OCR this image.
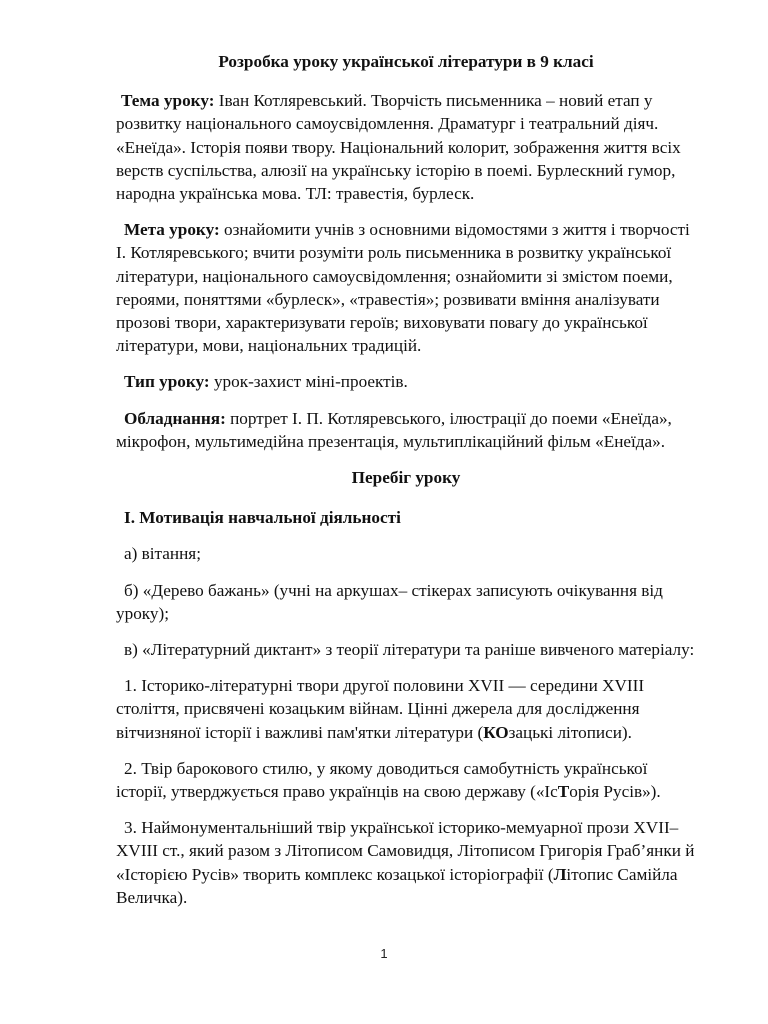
Розробка уроку української літератури в 9 класі

Тема уроку: Іван Котляревський. Творчість письменника – новий етап у розвитку національного самоусвідомлення. Драматург і театральний діяч. «Енеїда». Історія появи твору. Національний колорит, зображення життя всіх верств суспільства, алюзії на українську історію в поемі. Бурлескний гумор, народна українська мова. ТЛ: травестія, бурлеск.

Мета уроку: ознайомити учнів з основними відомостями з життя і творчості І. Котляревського; вчити розуміти роль письменника в розвитку української літератури, національного самоусвідомлення; ознайомити зі змістом поеми, героями, поняттями «бурлеск», «травестія»; розвивати вміння аналізувати прозові твори, характеризувати героїв; виховувати повагу до української літератури, мови, національних традицій.

Тип уроку: урок-захист міні-проектів.

Обладнання: портрет І. П. Котляревського, ілюстрації до поеми «Енеїда», мікрофон, мультимедійна презентація, мультиплікаційний фільм «Енеїда».

Перебіг уроку

I. Мотивація навчальної діяльності

а) вітання;

б) «Дерево бажань» (учні на аркушах– стікерах записують очікування від уроку);

в) «Літературний диктант» з теорії літератури та раніше вивченого матеріалу:

1. Історико-літературні твори другої половини XVII — середини XVIII століття, присвячені козацьким війнам. Цінні джерела для дослідження вітчизняної історії і важливі пам'ятки літератури (КОзацькі літописи).

2. Твір барокового стилю, у якому доводиться самобутність української історії, утверджується право українців на свою державу («ІсТорія Русів»).

3. Наймонументальніший твір української історико-мемуарної прози XVII–XVIII ст., який разом з Літописом Самовидця, Літописом Григорія Граб’янки й «Історією Русів» творить комплекс козацької історіографії (Літопис Самійла Величка).

1
